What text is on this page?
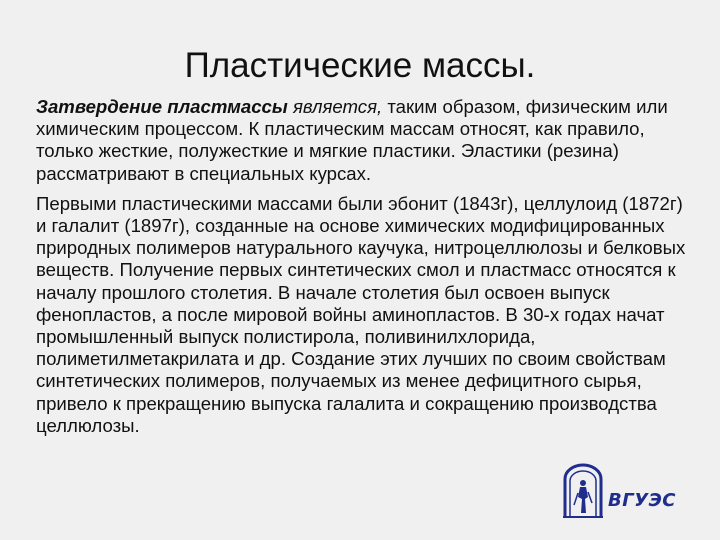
Пластические массы.

Затвердение пластмассы является, таким образом, физическим или химическим процессом. К пластическим массам относят, как правило, только жесткие, полужесткие и мягкие пластики. Эластики (резина) рассматривают в специальных курсах.

Первыми пластическими массами были эбонит (1843г), целлулоид (1872г) и галалит (1897г), созданные на основе химических модифицированных природных полимеров натурального каучука, нитроцеллюлозы и белковых веществ. Получение первых синтетических смол и пластмасс относятся к началу прошлого столетия. В начале столетия был освоен выпуск фенопластов, а после мировой войны аминопластов. В 30-х годах начат промышленный выпуск полистирола, поливинилхлорида, полиметилметакрилата и др. Создание этих лучших по своим свойствам синтетических полимеров, получаемых из менее дефицитного сырья, привело к прекращению выпуска галалита и сокращению производства целлюлозы.

ВГУЭС
